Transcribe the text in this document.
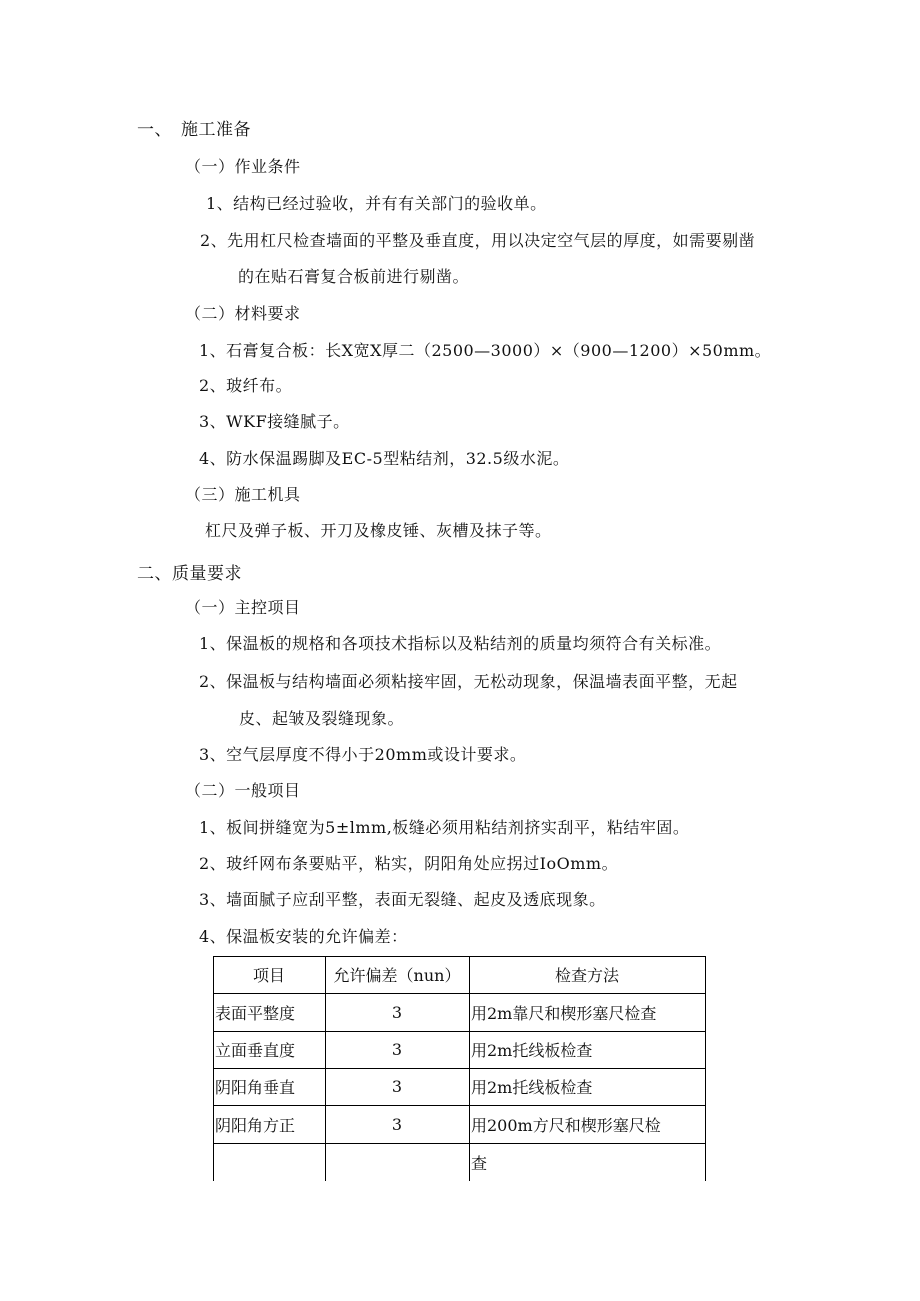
一、　施工准备
（一）作业条件
1、结构已经过验收，并有有关部门的验收单。
2、先用杠尺检查墙面的平整及垂直度，用以决定空气层的厚度，如需要剔凿
的在贴石膏复合板前进行剔凿。
（二）材料要求
1、石膏复合板：长X宽X厚二（2500—3000）×（900—1200）×50mm。
2、玻纤布。
3、WKF接缝腻子。
4、防水保温踢脚及EC-5型粘结剂，32.5级水泥。
（三）施工机具
杠尺及弹子板、开刀及橡皮锤、灰槽及抹子等。
二、质量要求
（一）主控项目
1、保温板的规格和各项技术指标以及粘结剂的质量均须符合有关标准。
2、保温板与结构墙面必须粘接牢固，无松动现象，保温墙表面平整，无起
皮、起皱及裂缝现象。
3、空气层厚度不得小于20mm或设计要求。
（二）一般项目
1、板间拼缝宽为5±lmm,板缝必须用粘结剂挤实刮平，粘结牢固。
2、玻纤网布条要贴平，粘实，阴阳角处应拐过IoOmm。
3、墙面腻子应刮平整，表面无裂缝、起皮及透底现象。
4、保温板安装的允许偏差：
项目	允许偏差（nun）	检查方法
表面平整度	3	用2m靠尺和楔形塞尺检查
立面垂直度	3	用2m托线板检查
阴阳角垂直	3	用2m托线板检查
阴阳角方正	3	用200m方尺和楔形塞尺检
查
